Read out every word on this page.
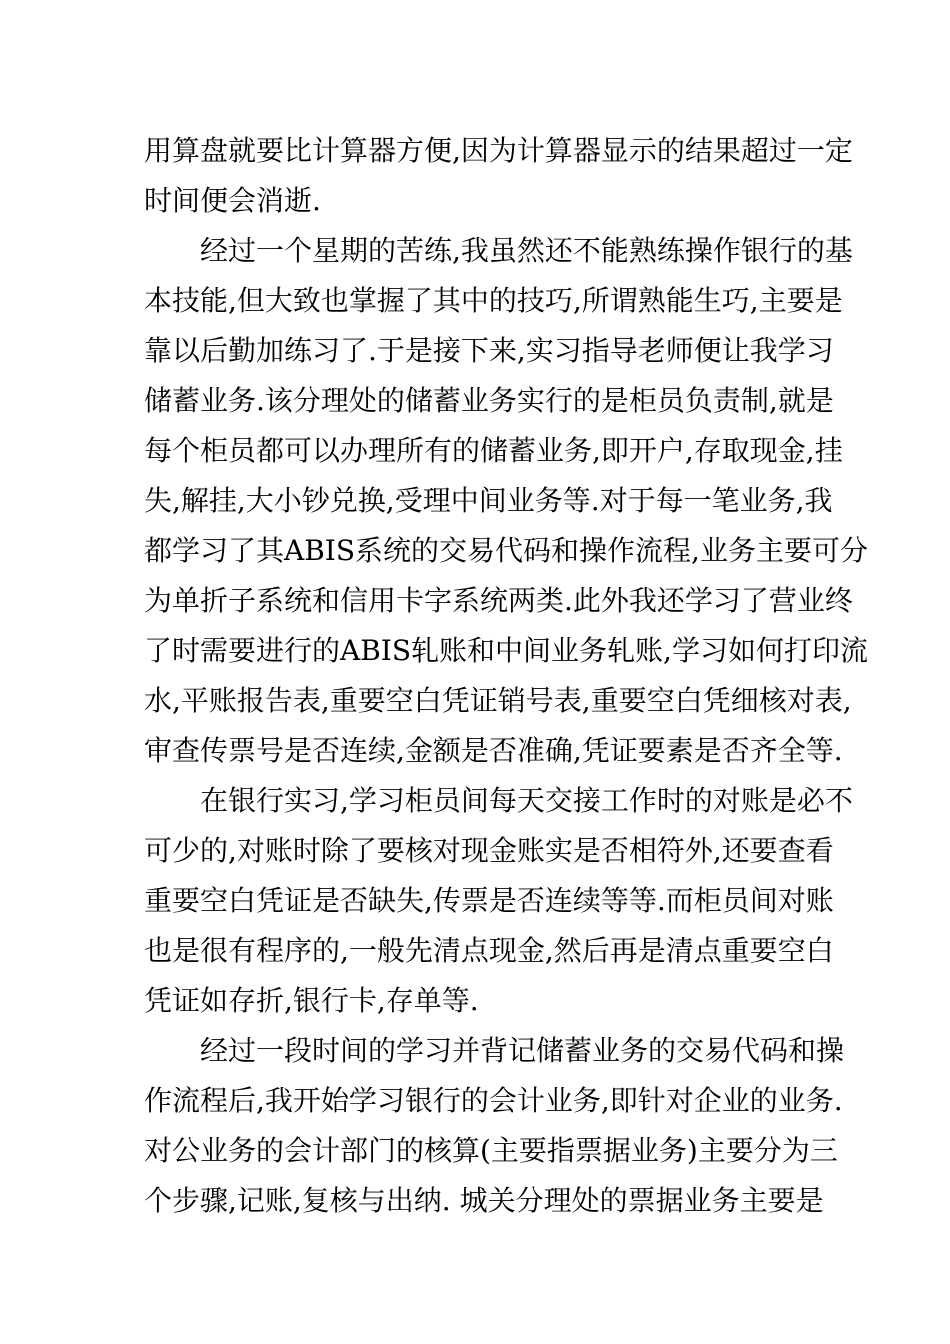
用算盘就要比计算器方便,因为计算器显示的结果超过一定
时间便会消逝.
经过一个星期的苦练,我虽然还不能熟练操作银行的基
本技能,但大致也掌握了其中的技巧,所谓熟能生巧,主要是
靠以后勤加练习了.于是接下来,实习指导老师便让我学习
储蓄业务.该分理处的储蓄业务实行的是柜员负责制,就是
每个柜员都可以办理所有的储蓄业务,即开户,存取现金,挂
失,解挂,大小钞兑换,受理中间业务等.对于每一笔业务,我
都学习了其ABIS系统的交易代码和操作流程,业务主要可分
为单折子系统和信用卡字系统两类.此外我还学习了营业终
了时需要进行的ABIS轧账和中间业务轧账,学习如何打印流
水,平账报告表,重要空白凭证销号表,重要空白凭细核对表,
审查传票号是否连续,金额是否准确,凭证要素是否齐全等.
在银行实习,学习柜员间每天交接工作时的对账是必不
可少的,对账时除了要核对现金账实是否相符外,还要查看
重要空白凭证是否缺失,传票是否连续等等.而柜员间对账
也是很有程序的,一般先清点现金,然后再是清点重要空白
凭证如存折,银行卡,存单等.
经过一段时间的学习并背记储蓄业务的交易代码和操
作流程后,我开始学习银行的会计业务,即针对企业的业务.
对公业务的会计部门的核算(主要指票据业务)主要分为三
个步骤,记账,复核与出纳. 城关分理处的票据业务主要是
